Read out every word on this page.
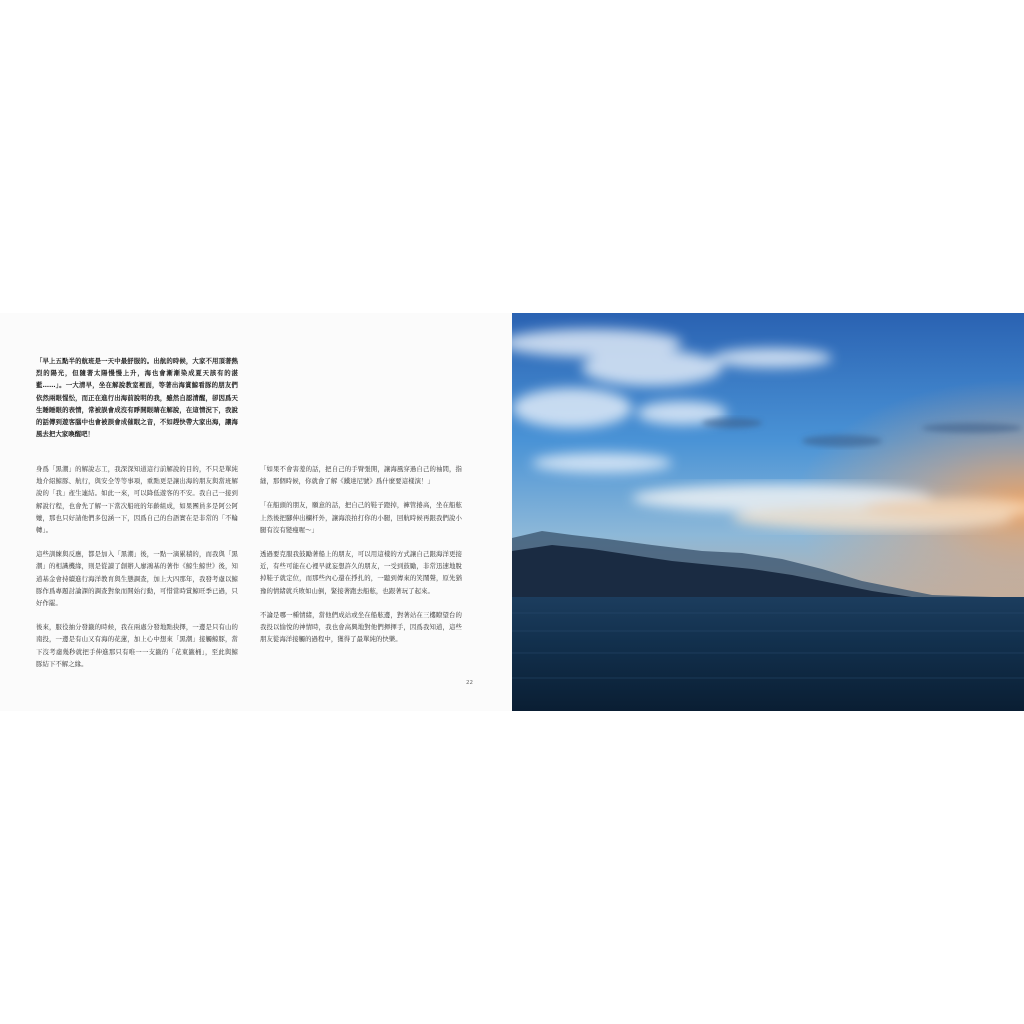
「早上五點半的航班是一天中最舒服的。出航的時候，大家不用頂著熱烈的陽光，但隨著太陽慢慢上升，海也會漸漸染成夏天該有的湛藍……」。一大清早，坐在解說教室裡面，等著出海賞鯨看豚的朋友們依然兩眼惺忪，而正在進行出海前說明的我，雖然自認清醒，卻因爲天生睡睡眼的表情，常被誤會成沒有睜開眼睛在解說，在這情況下，我說的話傳到遊客腦中也會被誤會成催眠之音，不如趕快帶大家出海，讓海風去把大家喚醒吧！

身爲「黑潮」的解說志工，我深深知道這行前解說的目的，不只是單純地介紹鯨豚、航行，與安全等等事項，重點更是讓出海的朋友與當班解說的「我」產生連結。如此一來，可以降低遊客的不安。我自己一接到解說行程，也會先了解一下當次船班的年齡組成，如果團員多是阿公阿嬤，那也只好請他們多包涵一下，因爲自己的台語實在是非常的「不輪轉」。

這些訓練與反應，都是加入「黑潮」後，一點一滴累積的，而我與「黑潮」的相識機緣，則是從讀了創辦人廖鴻基的著作《鯨生鯨世》後，知道基金會持續進行海洋教育與生態調查，加上大四那年，我發考慮以鯨豚作爲專題討論課的調查對象而開始行動，可惜當時賞鯨旺季已過，只好作罷。

後來，服役抽分發籤的時候，我在兩處分發地點抉擇，一邊是只有山的南投，一邊是有山又有海的花蓮，加上心中想來「黑潮」接觸鯨豚，當下沒考慮幾秒就把手伸進那只有唯一一支籤的「花東籤桶」，至此與鯨豚結下不解之緣。

「如果不會害羞的話，把自己的手臂張開，讓海風穿過自己的袖間，指縫，那個時候，你就會了解《鐵達尼號》爲什麼要這樣演！」

「在船頭的朋友，願意的話，把自己的鞋子蹬掉，褲管捲高，坐在船舷上然後把腳伸出欄杆外，讓海浪拍打你的小腿，回航時候再跟我們說小腿有沒有變瘦喔～」

透過要克服我鼓勵著船上的朋友，可以用這樣的方式讓自己跟海洋更接近，有些可能在心裡早就妄想許久的朋友，一受到鼓勵，非常迅速地脫掉鞋子就定位，而那些內心還在掙扎的，一聽到傳來的笑鬧聲，原先猶豫的情緒就兵敗如山倒，緊接著跑去船舷，也跟著玩了起來。

不論是哪一種情緒，當他們成站或坐在船舷邊，對著站在三樓瞭望台的我投以愉悅的神情時，我也會高興地對他們揮揮手，因爲我知道，這些朋友從海洋接觸的過程中，獲得了最單純的快樂。

22
